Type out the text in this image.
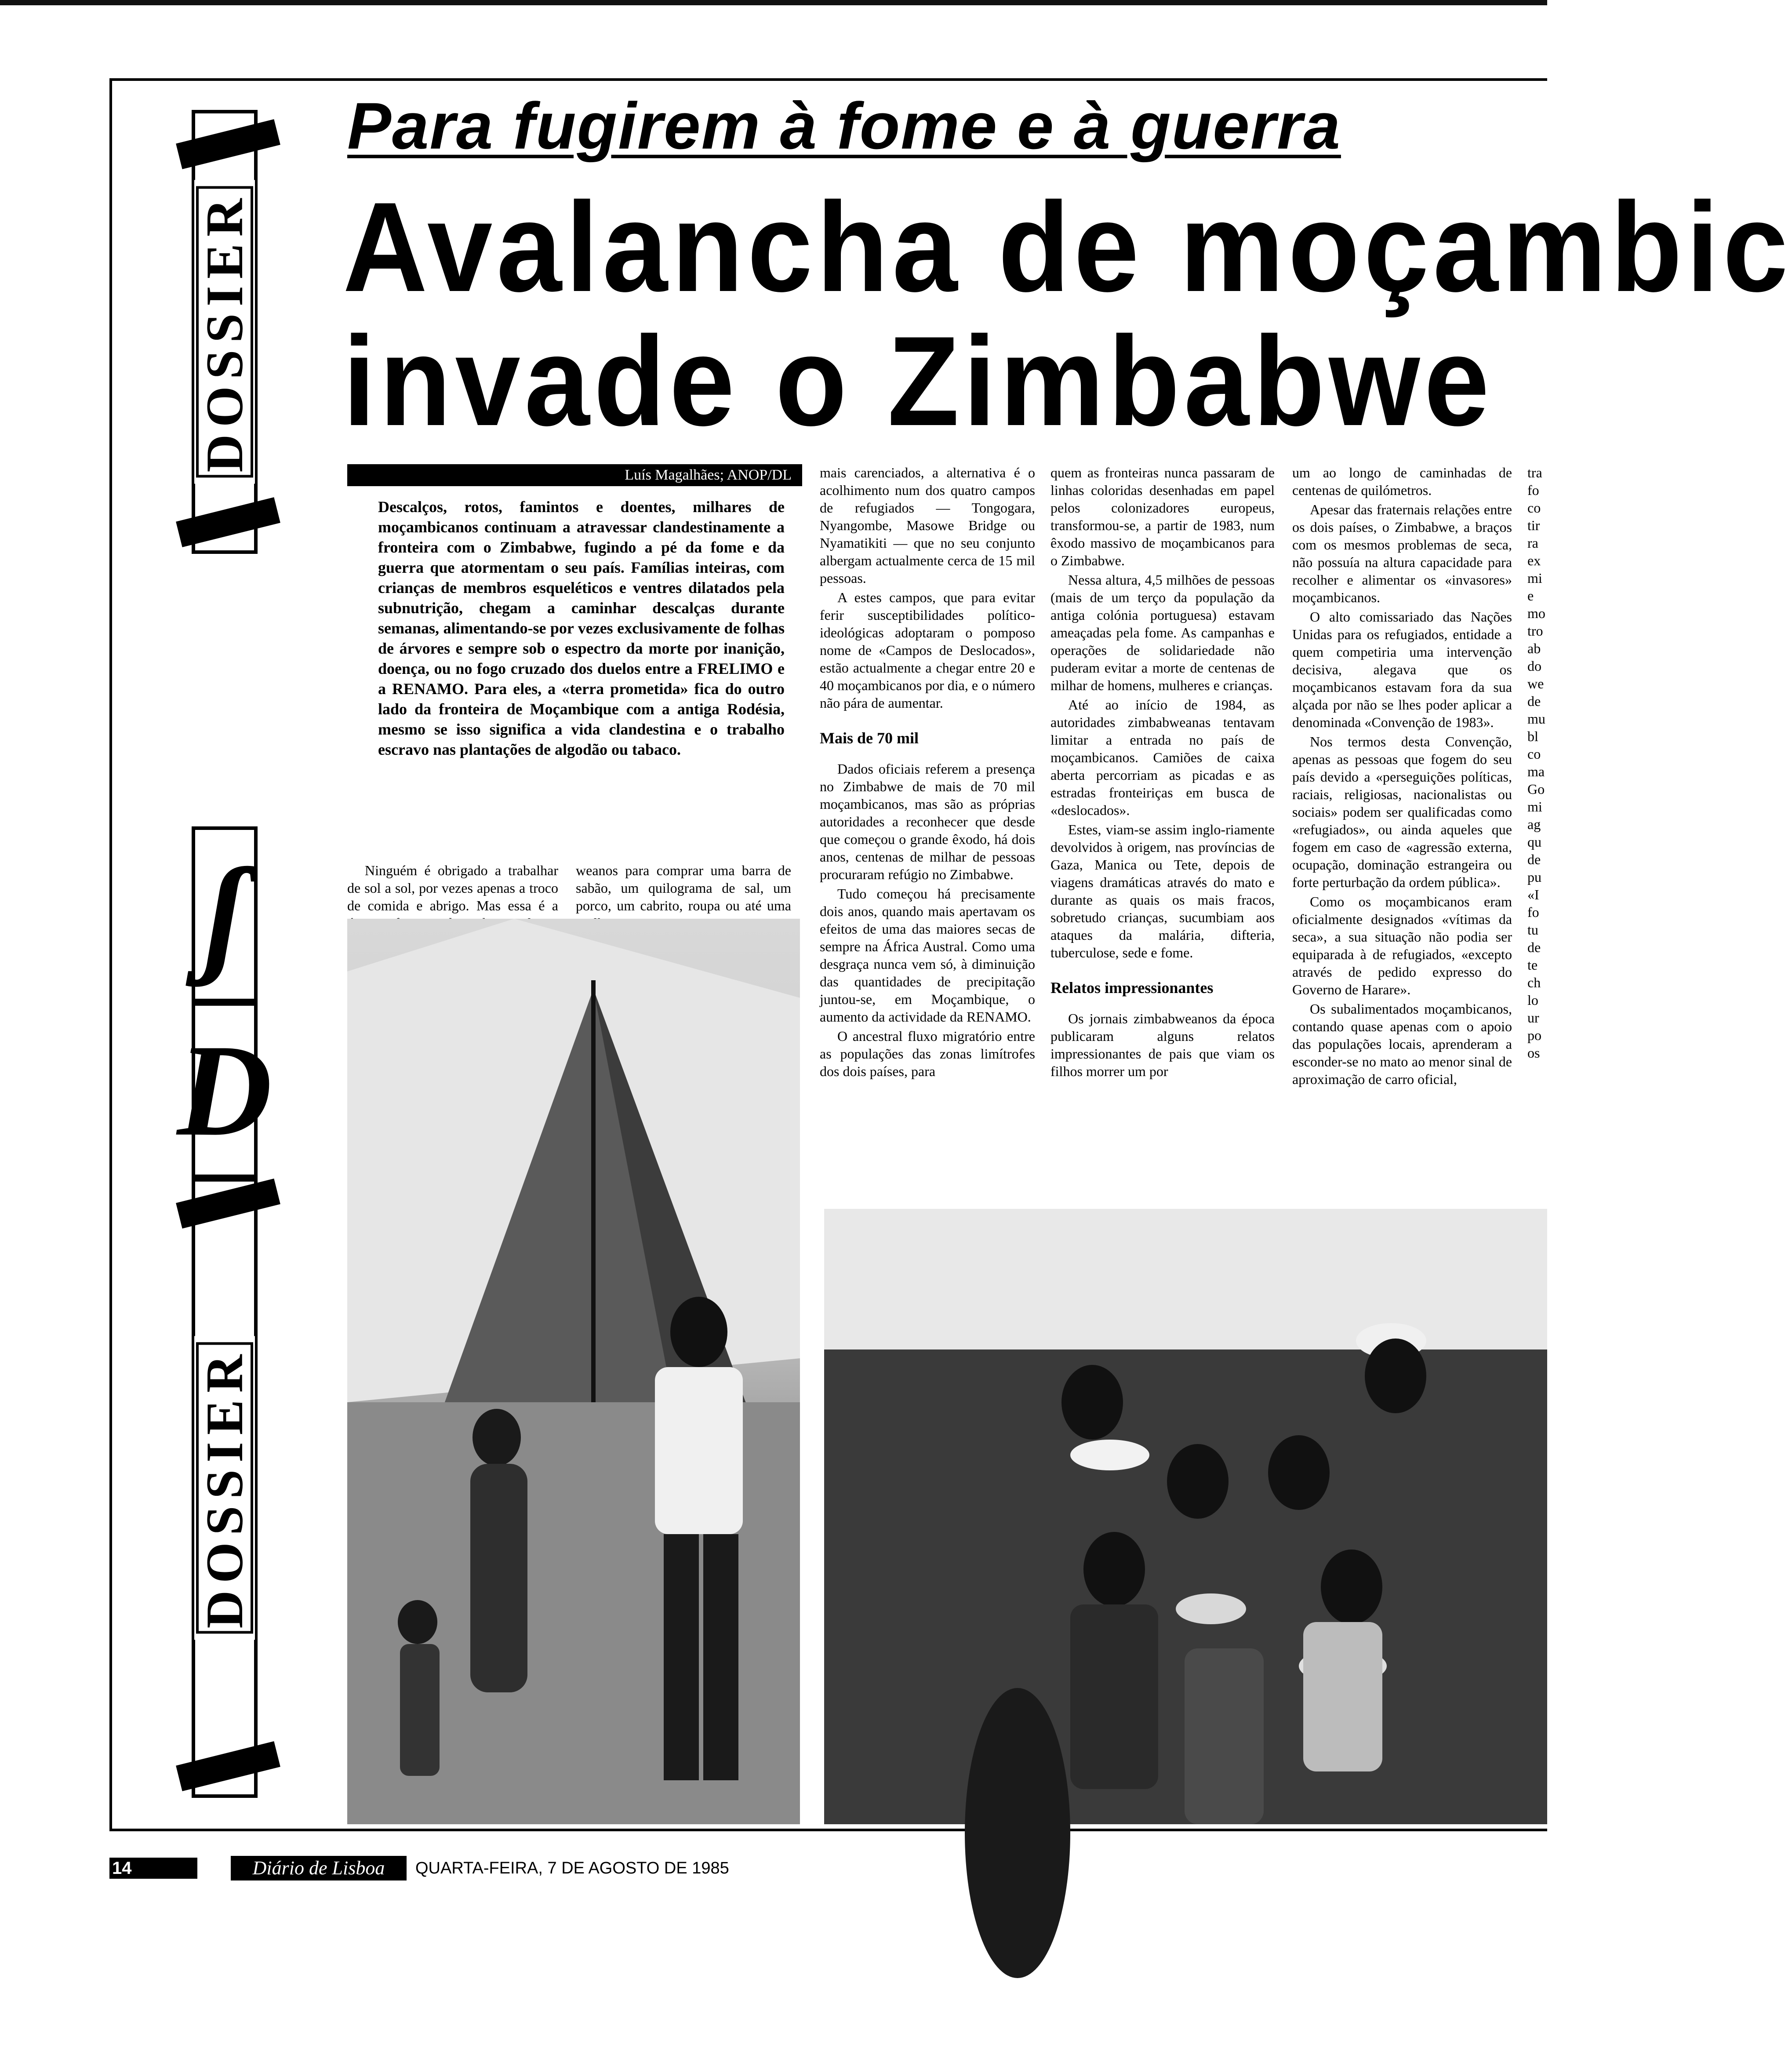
DOSSIER
ʃ
D
DOSSIER
Para fugirem à fome e à guerra
Avalancha de moçambic
invade o Zimbabwe
Luís Magalhães; ANOP/DL
Descalços, rotos, famintos e doentes, milhares de moçambicanos continuam a atravessar clandestinamente a fronteira com o Zimbabwe, fugindo a pé da fome e da guerra que atormentam o seu país. Famílias inteiras, com crianças de membros esqueléticos e ventres dilatados pela subnutrição, chegam a caminhar descalças durante semanas, alimentando-se por vezes exclusivamente de folhas de árvores e sempre sob o espectro da morte por inanição, doença, ou no fogo cruzado dos duelos entre a FRELIMO e a RENAMO. Para eles, a «terra prometida» fica do outro lado da fronteira de Moçambique com a antiga Rodésia, mesmo se isso significa a vida clandestina e o trabalho escravo nas plantações de algodão ou tabaco.

Ninguém é obrigado a trabalhar de sol a sol, por vezes apenas a troco de comida e abrigo. Mas essa é a

weanos para comprar uma barra de sabão, um quilograma de sal, um porco, um cabrito, roupa ou até uma

mais carenciados, a alternativa é o acolhimento num dos quatro campos de refugiados — Tongogara, Nyangombe, Masowe Bridge ou Nyamatikiti — que no seu conjunto albergam actualmente cerca de 15 mil pessoas.

A estes campos, que para evitar ferir susceptibilidades político-ideológicas adoptaram o pomposo nome de «Campos de Deslocados», estão actualmente a chegar entre 20 e 40 moçambicanos por dia, e o número não pára de aumentar.

Mais de 70 mil

Dados oficiais referem a presença no Zimbabwe de mais de 70 mil moçambicanos, mas são as próprias autoridades a reconhecer que desde que começou o grande êxodo, há dois anos, centenas de milhar de pessoas procuraram refúgio no Zimbabwe.

Tudo começou há precisamente dois anos, quando mais apertavam os efeitos de uma das maiores secas de sempre na África Austral. Como uma desgraça nunca vem só, à diminuição das quantidades de precipitação juntou-se, em Moçambique, o aumento da actividade da RENAMO.

O ancestral fluxo migratório entre as populações das zonas limítrofes dos dois países, para

quem as fronteiras nunca passaram de linhas coloridas desenhadas em papel pelos colonizadores europeus, transformou-se, a partir de 1983, num êxodo massivo de moçambicanos para o Zimbabwe.

Nessa altura, 4,5 milhões de pessoas (mais de um terço da população da antiga colónia portuguesa) estavam ameaçadas pela fome. As campanhas e operações de solidariedade não puderam evitar a morte de centenas de milhar de homens, mulheres e crianças.

Até ao início de 1984, as autoridades zimbabweanas tentavam limitar a entrada no país de moçambicanos. Camiões de caixa aberta percorriam as picadas e as estradas fronteiriças em busca de «deslocados».

Estes, viam-se assim inglo-riamente devolvidos à origem, nas províncias de Gaza, Manica ou Tete, depois de viagens dramáticas através do mato e durante as quais os mais fracos, sobretudo crianças, sucumbiam aos ataques da malária, difteria, tuberculose, sede e fome.

Relatos impressionantes

Os jornais zimbabweanos da época publicaram alguns relatos impressionantes de pais que viam os filhos morrer um por

um ao longo de caminhadas de centenas de quilómetros.

Apesar das fraternais relações entre os dois países, o Zimbabwe, a braços com os mesmos problemas de seca, não possuía na altura capacidade para recolher e alimentar os «invasores» moçambicanos.

O alto comissariado das Nações Unidas para os refugiados, entidade a quem competiria uma intervenção decisiva, alegava que os moçambicanos estavam fora da sua alçada por não se lhes poder aplicar a denominada «Convenção de 1983».

Nos termos desta Convenção, apenas as pessoas que fogem do seu país devido a «perseguições políticas, raciais, religiosas, nacionalistas ou sociais» podem ser qualificadas como «refugiados», ou ainda aqueles que fogem em caso de «agressão externa, ocupação, dominação estrangeira ou forte perturbação da ordem pública».

Como os moçambicanos eram oficialmente designados «vítimas da seca», a sua situação não podia ser equiparada à de refugiados, «excepto através de pedido expresso do Governo de Harare».

Os subalimentados moçambicanos, contando quase apenas com o apoio das populações locais, aprenderam a esconder-se no mato ao menor sinal de aproximação de carro oficial,

tra
fo
co
tir
ra
ex
mi
e
mo
tro
ab
do
we
de
mu
bl
co
ma
Go
mi
ag
qu
de
pu
«I
fo
tu
de
te
ch
lo
ur
po
os
14	Diário de Lisboa	QUARTA-FEIRA, 7 DE AGOSTO DE 1985
